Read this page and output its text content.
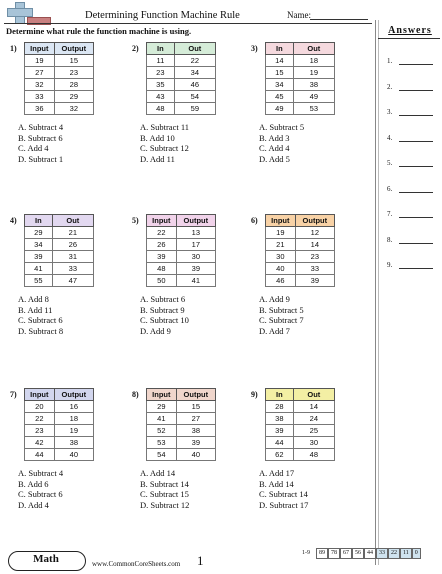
Determining Function Machine Rule	Name:
Determine what rule the function machine is using.	Answers
1.
2.
3.
4.
5.
6.
7.
8.
9.
1) Input	Output
19	15
27	23
32	28
33	29
36	32
A. Subtract 4
B. Subtract 6
C. Add 4
D. Subtract 1
2) In	Out
11	22
23	34
35	46
43	54
48	59
A. Subtract 11
B. Add 10
C. Subtract 12
D. Add 11
3) In	Out
14	18
15	19
34	38
45	49
49	53
A. Subtract 5
B. Add 3
C. Add 4
D. Add 5
4) In	Out
29	21
34	26
39	31
41	33
55	47
A. Add 8
B. Add 11
C. Subtract 6
D. Subtract 8
5) Input	Output
22	13
26	17
39	30
48	39
50	41
A. Subtract 6
B. Subtract 9
C. Subtract 10
D. Add 9
6) Input	Output
19	12
21	14
30	23
40	33
46	39
A. Add 9
B. Subtract 5
C. Subtract 7
D. Add 7
7) Input	Output
20	16
22	18
23	19
42	38
44	40
A. Subtract 4
B. Add 6
C. Subtract 6
D. Add 4
8) Input	Output
29	15
41	27
52	38
53	39
54	40
A. Add 14
B. Subtract 14
C. Subtract 15
D. Subtract 12
9) In	Out
28	14
38	24
39	25
44	30
62	48
A. Add 17
B. Add 14
C. Subtract 14
D. Subtract 17
Math	www.CommonCoreSheets.com 1	1-9	89	78	67	56	44	33	22	11	0
